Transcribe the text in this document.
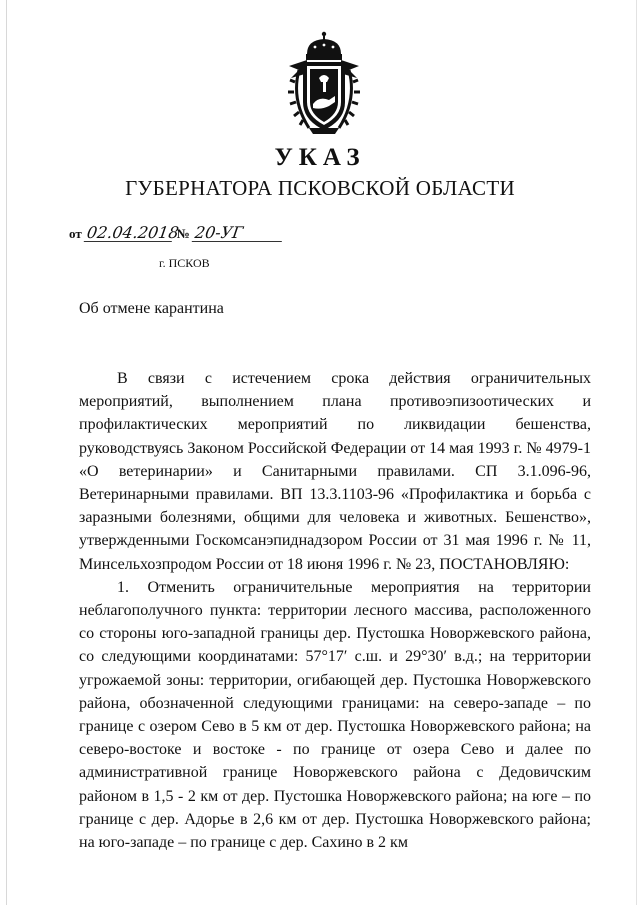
УКАЗ
ГУБЕРНАТОРА ПСКОВСКОЙ ОБЛАСТИ
от 02.04.2018 № 20-УГ
г. ПСКОВ
Об отмене карантина

В связи с истечением срока действия ограничительных мероприятий, выполнением плана противоэпизоотических и профилактических мероприятий по ликвидации бешенства, руководствуясь Законом Российской Федерации от 14 мая 1993 г. № 4979-1 «О ветеринарии» и Санитарными правилами. СП 3.1.096-96, Ветеринарными правилами. ВП 13.3.1103-96 «Профилактика и борьба с заразными болезнями, общими для человека и животных. Бешенство», утвержденными Госкомсанэпиднадзором России от 31 мая 1996 г. № 11, Минсельхозпродом России от 18 июня 1996 г. № 23, ПОСТАНОВЛЯЮ:

1. Отменить ограничительные мероприятия на территории неблагополучного пункта: территории лесного массива, расположенного со стороны юго-западной границы дер. Пустошка Новоржевского района, со следующими координатами: 57°17′ с.ш. и 29°30′ в.д.; на территории угрожаемой зоны: территории, огибающей дер. Пустошка Новоржевского района, обозначенной следующими границами: на северо-западе – по границе с озером Сево в 5 км от дер. Пустошка Новоржевского района; на северо-востоке и востоке - по границе от озера Сево и далее по административной границе Новоржевского района с Дедовичским районом в 1,5 - 2 км от дер. Пустошка Новоржевского района; на юге – по границе с дер. Адорье в 2,6 км от дер. Пустошка Новоржевского района; на юго-западе – по границе с дер. Сахино в 2 км
